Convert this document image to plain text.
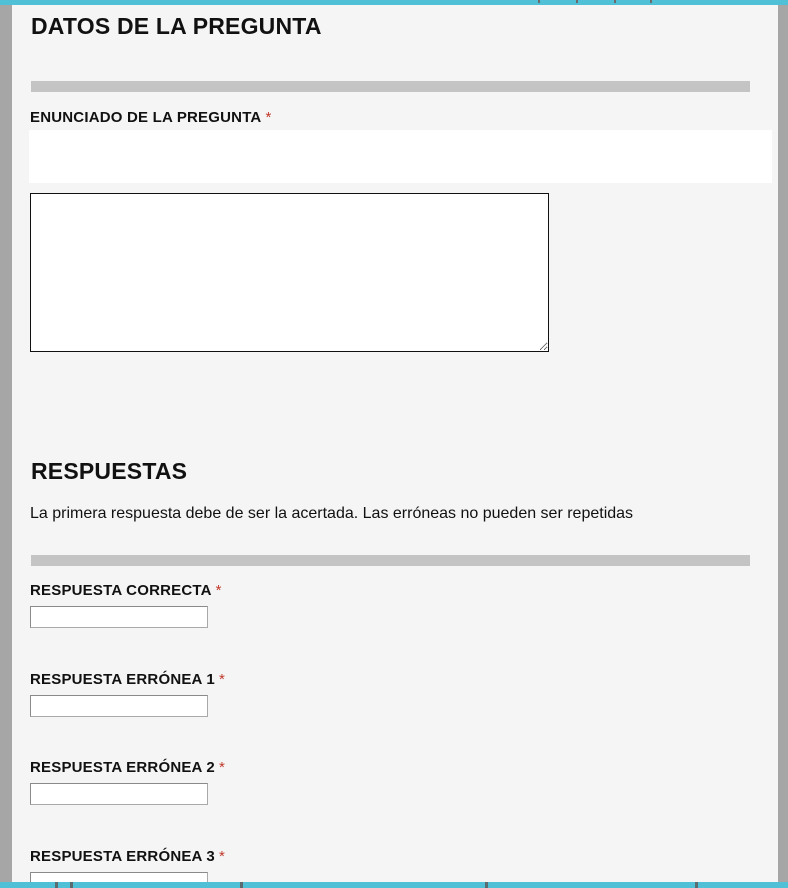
DATOS DE LA PREGUNTA

ENUNCIADO DE LA PREGUNTA *

RESPUESTAS

La primera respuesta debe de ser la acertada. Las erróneas no pueden ser repetidas

RESPUESTA CORRECTA *

RESPUESTA ERRÓNEA 1 *

RESPUESTA ERRÓNEA 2 *

RESPUESTA ERRÓNEA 3 *
